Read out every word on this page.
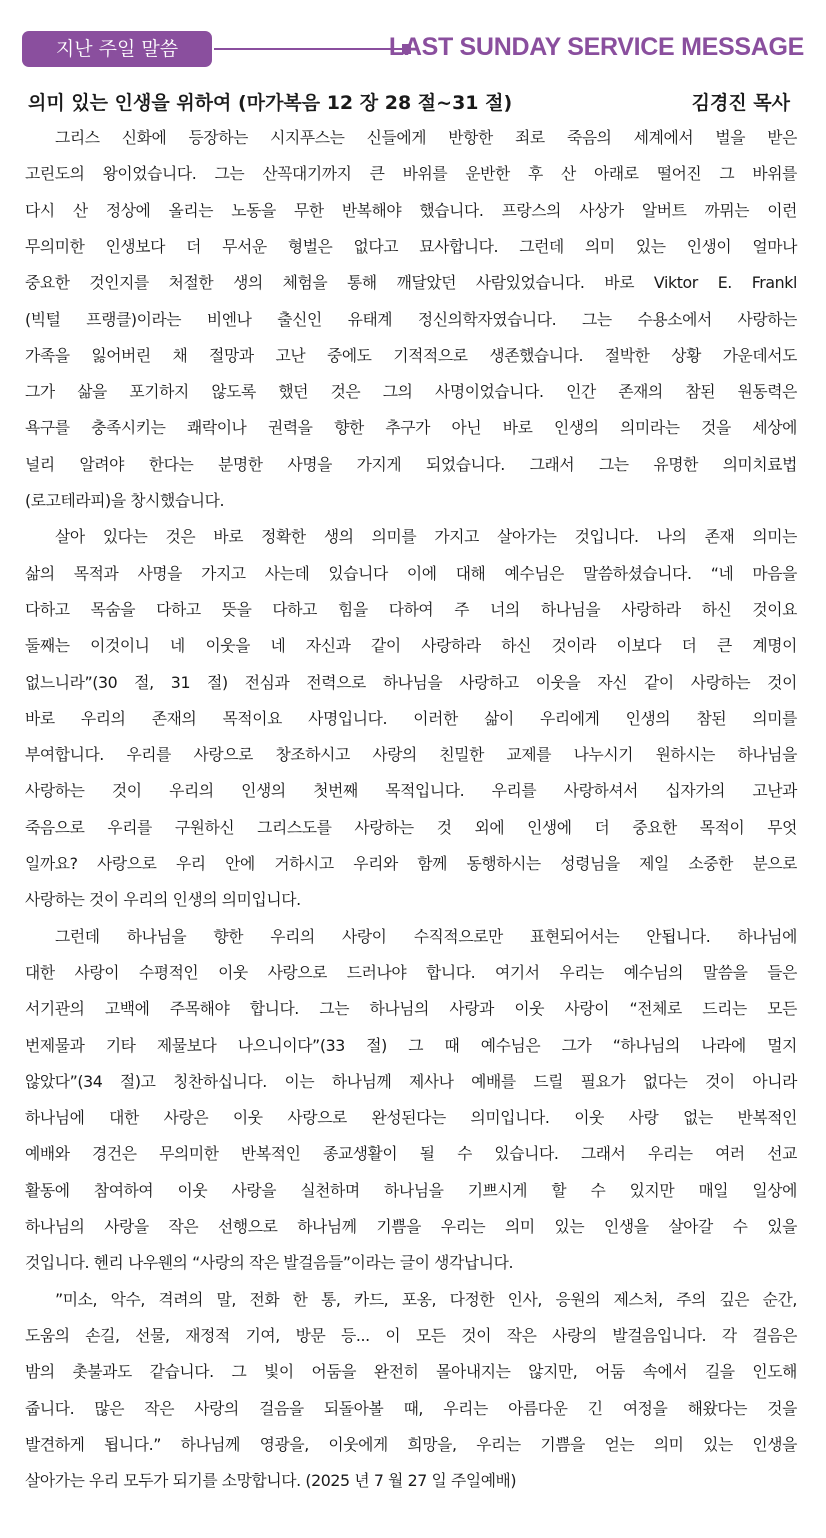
지난 주일 말씀	LAST SUNDAY SERVICE MESSAGE
의미 있는 인생을 위하여 (마가복음 12 장 28 절~31 절)	김경진 목사
그리스 신화에 등장하는 시지푸스는 신들에게 반항한 죄로 죽음의 세계에서 벌을 받은
고린도의 왕이었습니다. 그는 산꼭대기까지 큰 바위를 운반한 후 산 아래로 떨어진 그 바위를
다시 산 정상에 올리는 노동을 무한 반복해야 했습니다. 프랑스의 사상가 알버트 까뮈는 이런
무의미한 인생보다 더 무서운 형벌은 없다고 묘사합니다. 그런데 의미 있는 인생이 얼마나
중요한 것인지를 처절한 생의 체험을 통해 깨달았던 사람있었습니다. 바로 Viktor E. Frankl
(빅털 프랭클)이라는 비엔나 출신인 유태계 정신의학자였습니다. 그는 수용소에서 사랑하는
가족을 잃어버린 채 절망과 고난 중에도 기적적으로 생존했습니다. 절박한 상황 가운데서도
그가 삶을 포기하지 않도록 했던 것은 그의 사명이었습니다. 인간 존재의 참된 원동력은
욕구를 충족시키는 쾌락이나 권력을 향한 추구가 아닌 바로 인생의 의미라는 것을 세상에
널리 알려야 한다는 분명한 사명을 가지게 되었습니다. 그래서 그는 유명한 의미치료법
(로고테라피)을 창시했습니다.
살아 있다는 것은 바로 정확한 생의 의미를 가지고 살아가는 것입니다. 나의 존재 의미는
삶의 목적과 사명을 가지고 사는데 있습니다 이에 대해 예수님은 말씀하셨습니다. “네 마음을
다하고 목숨을 다하고 뜻을 다하고 힘을 다하여 주 너의 하나님을 사랑하라 하신 것이요
둘째는 이것이니 네 이웃을 네 자신과 같이 사랑하라 하신 것이라 이보다 더 큰 계명이
없느니라”(30 절, 31 절) 전심과 전력으로 하나님을 사랑하고 이웃을 자신 같이 사랑하는 것이
바로 우리의 존재의 목적이요 사명입니다. 이러한 삶이 우리에게 인생의 참된 의미를
부여합니다. 우리를 사랑으로 창조하시고 사랑의 친밀한 교제를 나누시기 원하시는 하나님을
사랑하는 것이 우리의 인생의 첫번째 목적입니다. 우리를 사랑하셔서 십자가의 고난과
죽음으로 우리를 구원하신 그리스도를 사랑하는 것 외에 인생에 더 중요한 목적이 무엇
일까요? 사랑으로 우리 안에 거하시고 우리와 함께 동행하시는 성령님을 제일 소중한 분으로
사랑하는 것이 우리의 인생의 의미입니다.
그런데 하나님을 향한 우리의 사랑이 수직적으로만 표현되어서는 안됩니다. 하나님에
대한 사랑이 수평적인 이웃 사랑으로 드러나야 합니다. 여기서 우리는 예수님의 말씀을 들은
서기관의 고백에 주목해야 합니다. 그는 하나님의 사랑과 이웃 사랑이 “전체로 드리는 모든
번제물과 기타 제물보다 나으니이다”(33 절) 그 때 예수님은 그가 “하나님의 나라에 멀지
않았다”(34 절)고 칭찬하십니다. 이는 하나님께 제사나 예배를 드릴 필요가 없다는 것이 아니라
하나님에 대한 사랑은 이웃 사랑으로 완성된다는 의미입니다. 이웃 사랑 없는 반복적인
예배와 경건은 무의미한 반복적인 종교생활이 될 수 있습니다. 그래서 우리는 여러 선교
활동에 참여하여 이웃 사랑을 실천하며 하나님을 기쁘시게 할 수 있지만 매일 일상에
하나님의 사랑을 작은 선행으로 하나님께 기쁨을 우리는 의미 있는 인생을 살아갈 수 있을
것입니다. 헨리 나우웬의 “사랑의 작은 발걸음들”이라는 글이 생각납니다.
”미소, 악수, 격려의 말, 전화 한 통, 카드, 포옹, 다정한 인사, 응원의 제스처, 주의 깊은 순간,
도움의 손길, 선물, 재정적 기여, 방문 등... 이 모든 것이 작은 사랑의 발걸음입니다. 각 걸음은
밤의 촛불과도 같습니다. 그 빛이 어둠을 완전히 몰아내지는 않지만, 어둠 속에서 길을 인도해
줍니다. 많은 작은 사랑의 걸음을 되돌아볼 때, 우리는 아름다운 긴 여정을 해왔다는 것을
발견하게 됩니다.” 하나님께 영광을, 이웃에게 희망을, 우리는 기쁨을 얻는 의미 있는 인생을
살아가는 우리 모두가 되기를 소망합니다. (2025 년 7 월 27 일 주일예배)
